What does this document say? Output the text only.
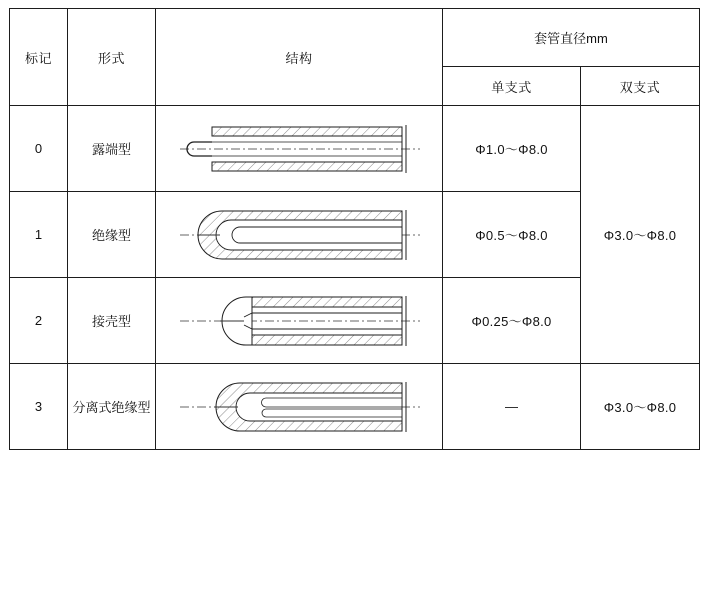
标记	形式	结构	套管直径mm	
			单支式	双支式
0	露端型		Φ1.0～Φ8.0	Φ3.0～Φ8.0
1	绝缘型		Φ0.5～Φ8.0	
2	接壳型		Φ0.25～Φ8.0	
3	分离式绝缘型		—	Φ3.0～Φ8.0
